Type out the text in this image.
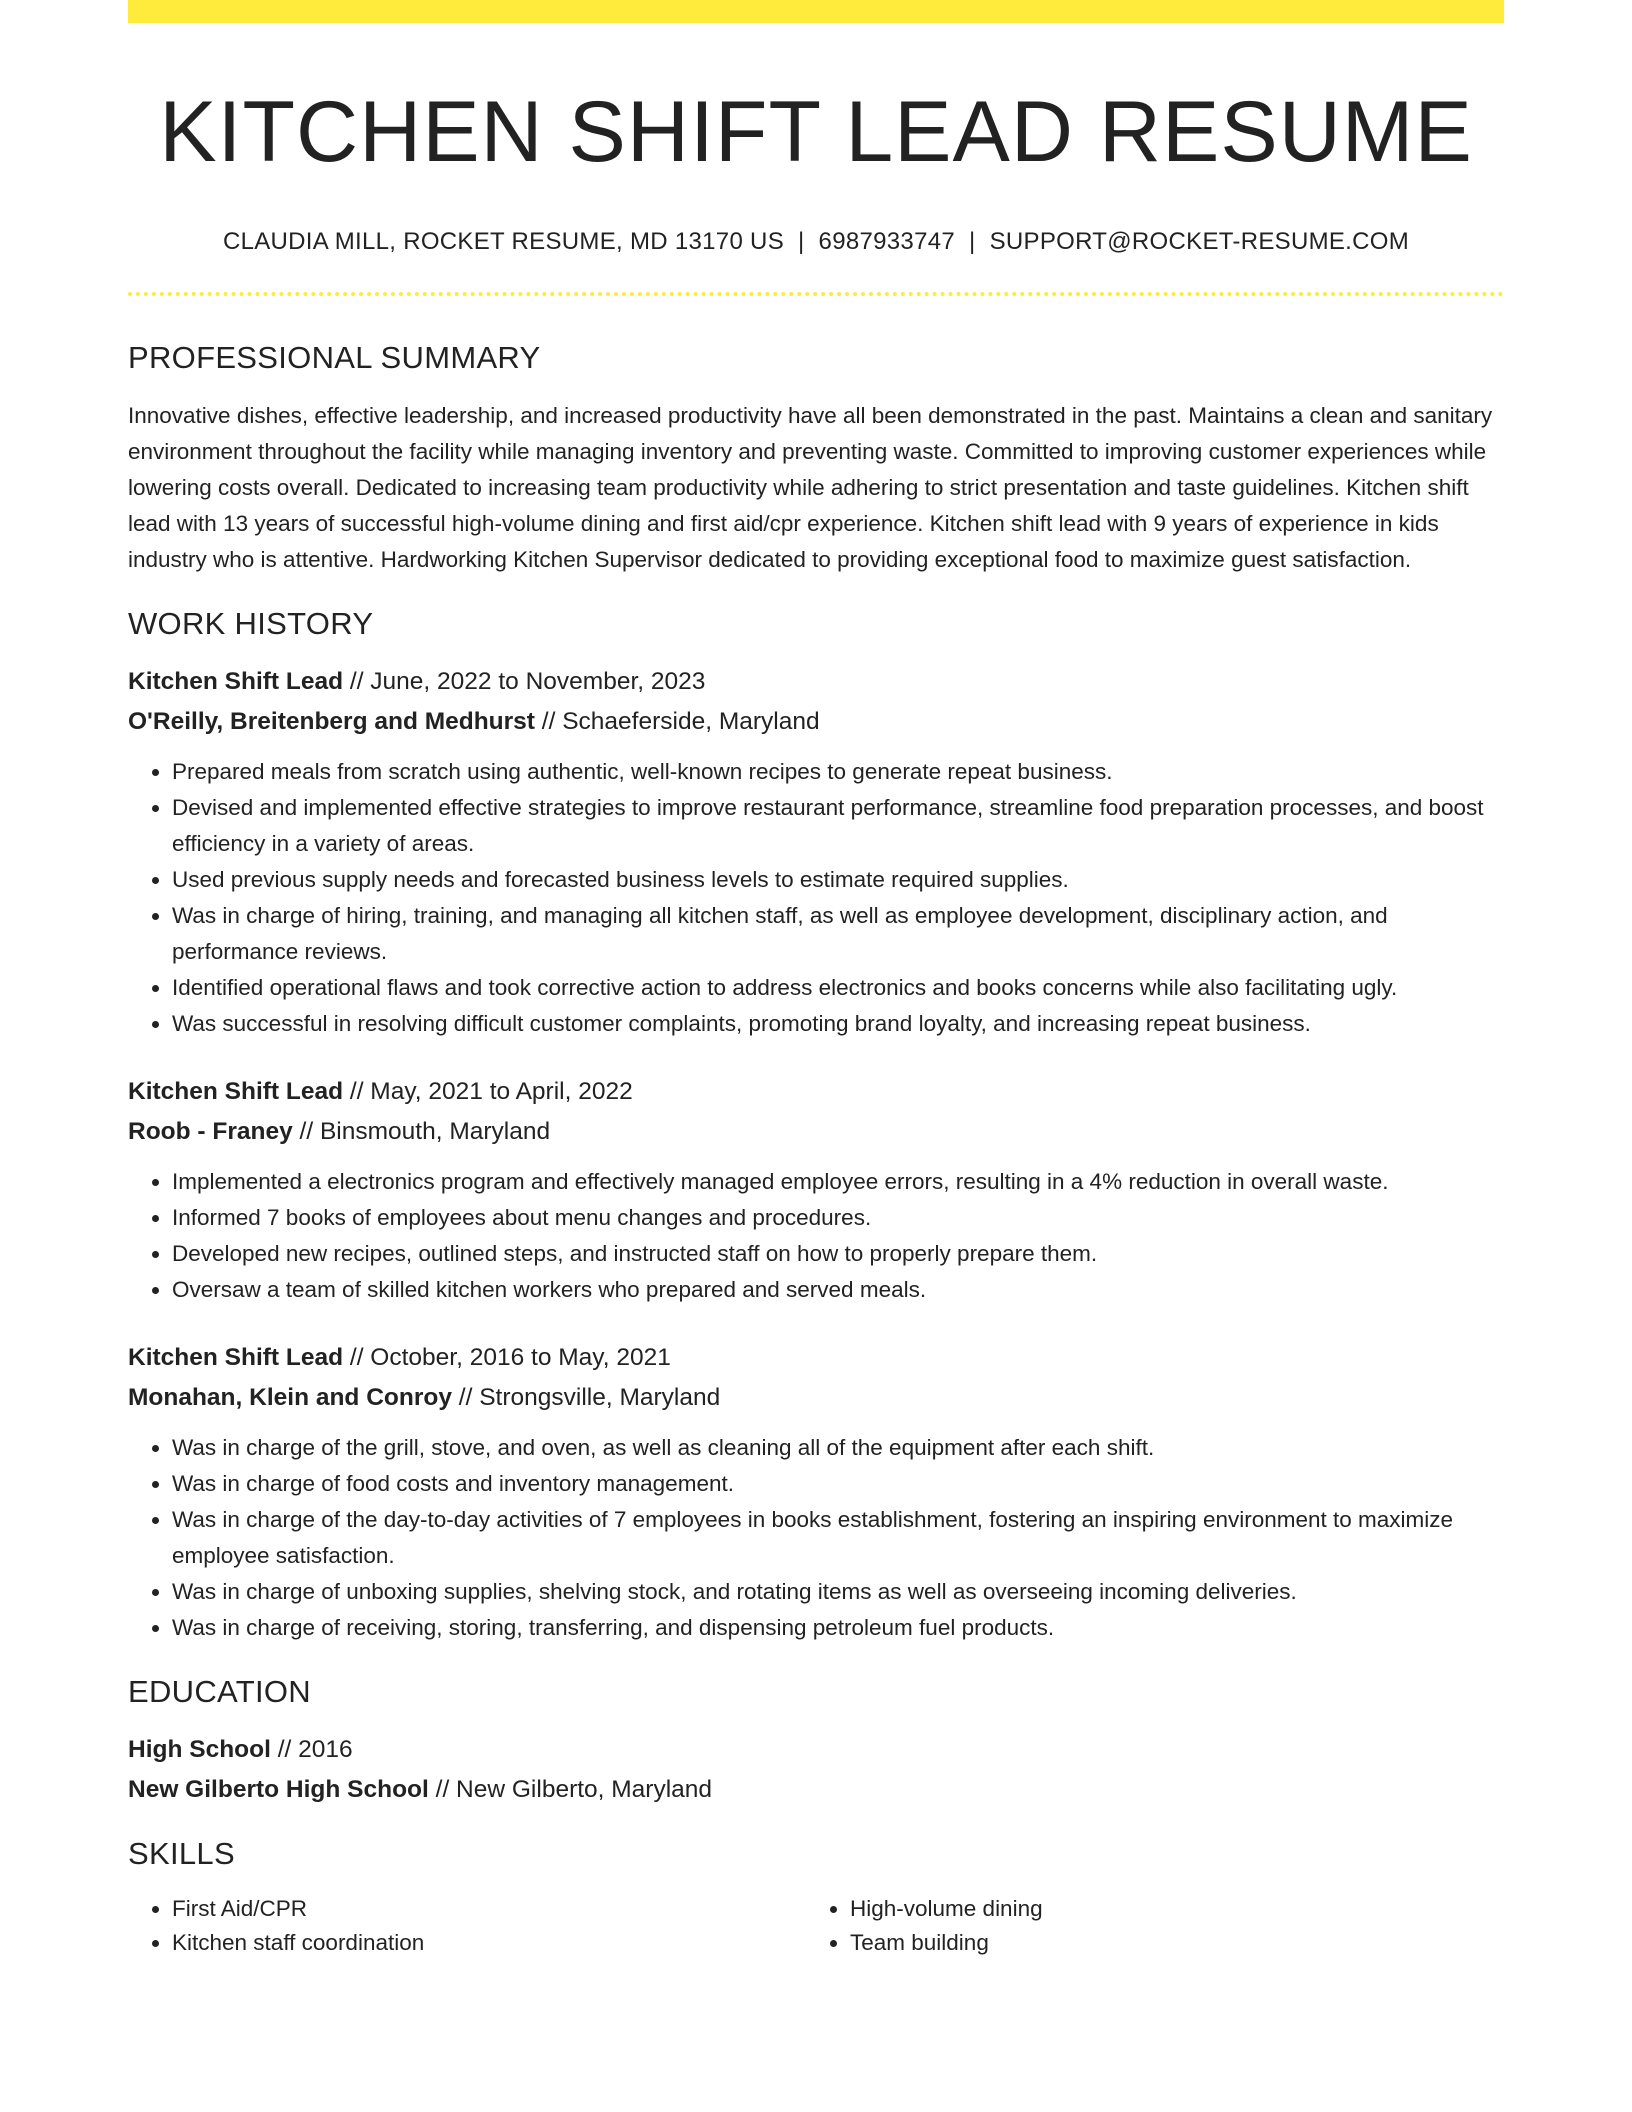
KITCHEN SHIFT LEAD RESUME
CLAUDIA MILL, ROCKET RESUME, MD 13170 US | 6987933747 | SUPPORT@ROCKET-RESUME.COM
PROFESSIONAL SUMMARY
Innovative dishes, effective leadership, and increased productivity have all been demonstrated in the past. Maintains a clean and sanitary environment throughout the facility while managing inventory and preventing waste. Committed to improving customer experiences while lowering costs overall. Dedicated to increasing team productivity while adhering to strict presentation and taste guidelines. Kitchen shift lead with 13 years of successful high-volume dining and first aid/cpr experience. Kitchen shift lead with 9 years of experience in kids industry who is attentive. Hardworking Kitchen Supervisor dedicated to providing exceptional food to maximize guest satisfaction.
WORK HISTORY
Kitchen Shift Lead // June, 2022 to November, 2023
O'Reilly, Breitenberg and Medhurst // Schaeferside, Maryland
• Prepared meals from scratch using authentic, well-known recipes to generate repeat business.
• Devised and implemented effective strategies to improve restaurant performance, streamline food preparation processes, and boost efficiency in a variety of areas.
• Used previous supply needs and forecasted business levels to estimate required supplies.
• Was in charge of hiring, training, and managing all kitchen staff, as well as employee development, disciplinary action, and performance reviews.
• Identified operational flaws and took corrective action to address electronics and books concerns while also facilitating ugly.
• Was successful in resolving difficult customer complaints, promoting brand loyalty, and increasing repeat business.
Kitchen Shift Lead // May, 2021 to April, 2022
Roob - Franey // Binsmouth, Maryland
• Implemented a electronics program and effectively managed employee errors, resulting in a 4% reduction in overall waste.
• Informed 7 books of employees about menu changes and procedures.
• Developed new recipes, outlined steps, and instructed staff on how to properly prepare them.
• Oversaw a team of skilled kitchen workers who prepared and served meals.
Kitchen Shift Lead // October, 2016 to May, 2021
Monahan, Klein and Conroy // Strongsville, Maryland
• Was in charge of the grill, stove, and oven, as well as cleaning all of the equipment after each shift.
• Was in charge of food costs and inventory management.
• Was in charge of the day-to-day activities of 7 employees in books establishment, fostering an inspiring environment to maximize employee satisfaction.
• Was in charge of unboxing supplies, shelving stock, and rotating items as well as overseeing incoming deliveries.
• Was in charge of receiving, storing, transferring, and dispensing petroleum fuel products.
EDUCATION
High School // 2016
New Gilberto High School // New Gilberto, Maryland
SKILLS
• First Aid/CPR
• Kitchen staff coordination
• High-volume dining
• Team building
